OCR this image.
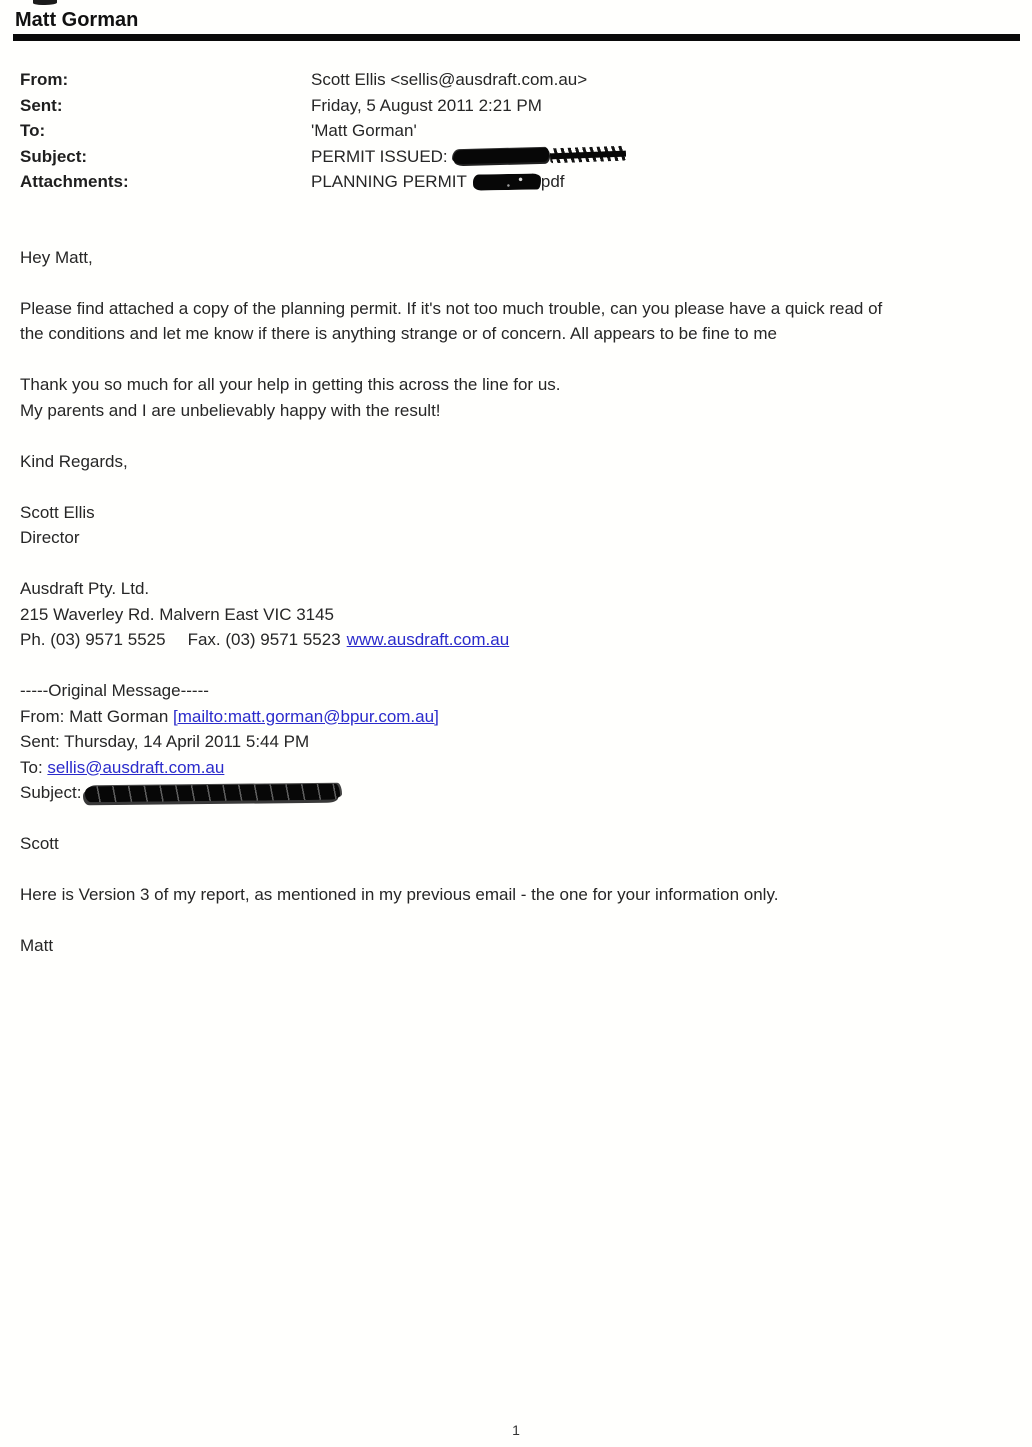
Matt Gorman
From:	Scott Ellis <sellis@ausdraft.com.au>
Sent:	Friday, 5 August 2011 2:21 PM
To:	'Matt Gorman'
Subject:	PERMIT ISSUED:
Attachments:	PLANNING PERMIT	pdf
Hey Matt,
Please find attached a copy of the planning permit. If it's not too much trouble, can you please have a quick read of
the conditions and let me know if there is anything strange or of concern. All appears to be fine to me
Thank you so much for all your help in getting this across the line for us.
My parents and I are unbelievably happy with the result!
Kind Regards,
Scott Ellis
Director
Ausdraft Pty. Ltd.
215 Waverley Rd. Malvern East VIC 3145
Ph. (03) 9571 5525 Fax. (03) 9571 5523 www.ausdraft.com.au
-----Original Message-----
From: Matt Gorman [mailto:matt.gorman@bpur.com.au]
Sent: Thursday, 14 April 2011 5:44 PM
To: sellis@ausdraft.com.au
Subject:
Scott
Here is Version 3 of my report, as mentioned in my previous email - the one for your information only.
Matt
1
